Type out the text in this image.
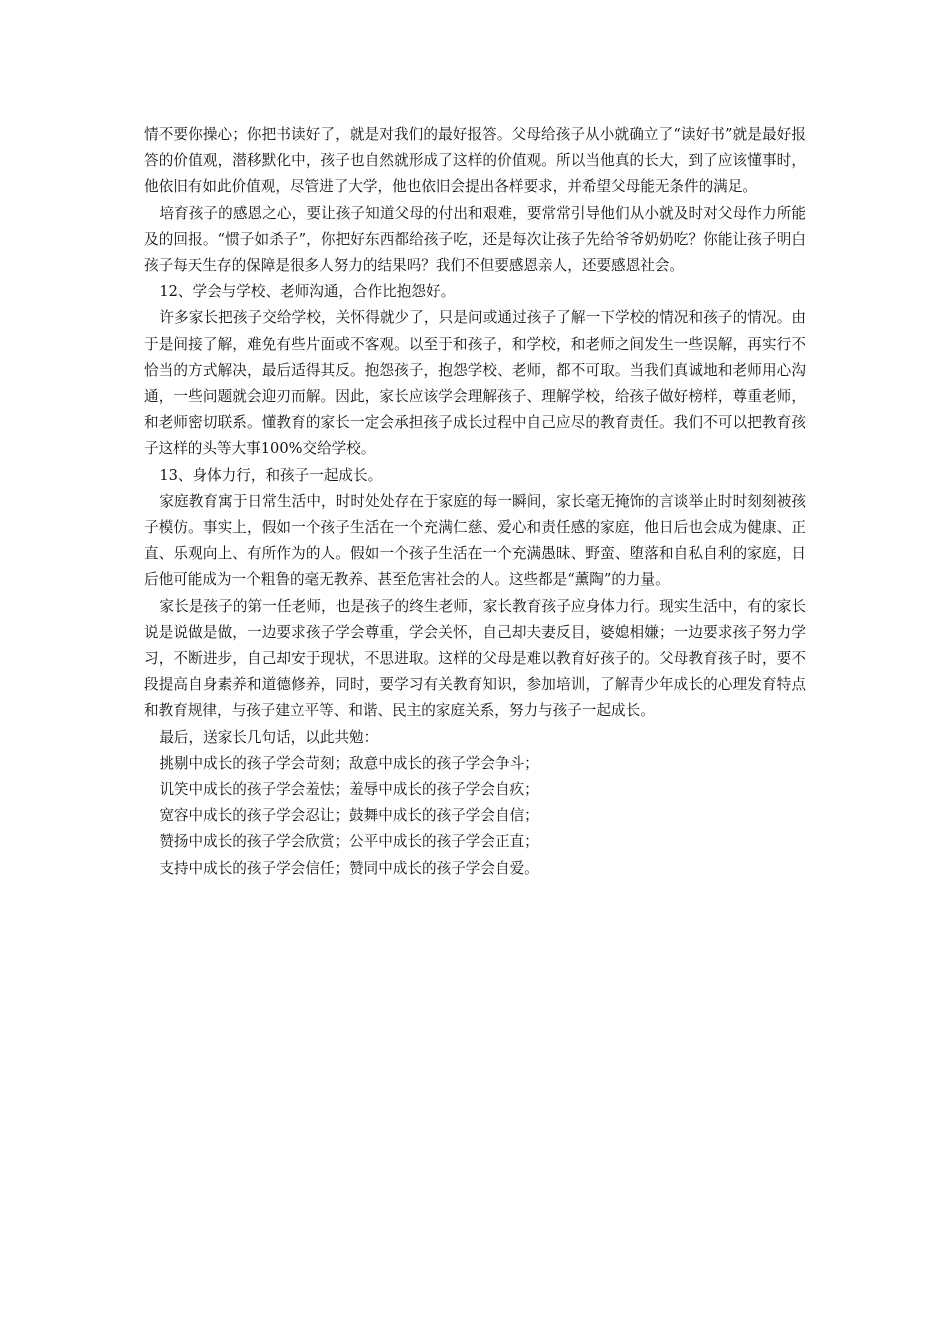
情不要你操心；你把书读好了，就是对我们的最好报答。父母给孩子从小就确立了“读好书”就是最好报答的价值观，潜移默化中，孩子也自然就形成了这样的价值观。所以当他真的长大，到了应该懂事时，他依旧有如此价值观，尽管进了大学，他也依旧会提出各样要求，并希望父母能无条件的满足。

培育孩子的感恩之心，要让孩子知道父母的付出和艰难，要常常引导他们从小就及时对父母作力所能及的回报。“惯子如杀子”，你把好东西都给孩子吃，还是每次让孩子先给爷爷奶奶吃？你能让孩子明白孩子每天生存的保障是很多人努力的结果吗？我们不但要感恩亲人，还要感恩社会。

12、学会与学校、老师沟通，合作比抱怨好。

许多家长把孩子交给学校，关怀得就少了，只是问或通过孩子了解一下学校的情况和孩子的情况。由于是间接了解，难免有些片面或不客观。以至于和孩子，和学校，和老师之间发生一些误解，再实行不恰当的方式解决，最后适得其反。抱怨孩子，抱怨学校、老师，都不可取。当我们真诚地和老师用心沟通，一些问题就会迎刃而解。因此，家长应该学会理解孩子、理解学校，给孩子做好榜样，尊重老师，和老师密切联系。懂教育的家长一定会承担孩子成长过程中自己应尽的教育责任。我们不可以把教育孩子这样的头等大事100%交给学校。

13、身体力行，和孩子一起成长。

家庭教育寓于日常生活中，时时处处存在于家庭的每一瞬间，家长毫无掩饰的言谈举止时时刻刻被孩子模仿。事实上，假如一个孩子生活在一个充满仁慈、爱心和责任感的家庭，他日后也会成为健康、正直、乐观向上、有所作为的人。假如一个孩子生活在一个充满愚昧、野蛮、堕落和自私自利的家庭，日后他可能成为一个粗鲁的毫无教养、甚至危害社会的人。这些都是“薰陶”的力量。

家长是孩子的第一任老师，也是孩子的终生老师，家长教育孩子应身体力行。现实生活中，有的家长说是说做是做，一边要求孩子学会尊重，学会关怀，自己却夫妻反目，婆媳相嫌；一边要求孩子努力学习，不断进步，自己却安于现状，不思进取。这样的父母是难以教育好孩子的。父母教育孩子时，要不段提高自身素养和道德修养，同时，要学习有关教育知识，参加培训，了解青少年成长的心理发育特点和教育规律，与孩子建立平等、和谐、民主的家庭关系，努力与孩子一起成长。

最后，送家长几句话，以此共勉：

挑剔中成长的孩子学会苛刻；敌意中成长的孩子学会争斗；

讥笑中成长的孩子学会羞怯；羞辱中成长的孩子学会自疚；

宽容中成长的孩子学会忍让；鼓舞中成长的孩子学会自信；

赞扬中成长的孩子学会欣赏；公平中成长的孩子学会正直；

支持中成长的孩子学会信任；赞同中成长的孩子学会自爱。
